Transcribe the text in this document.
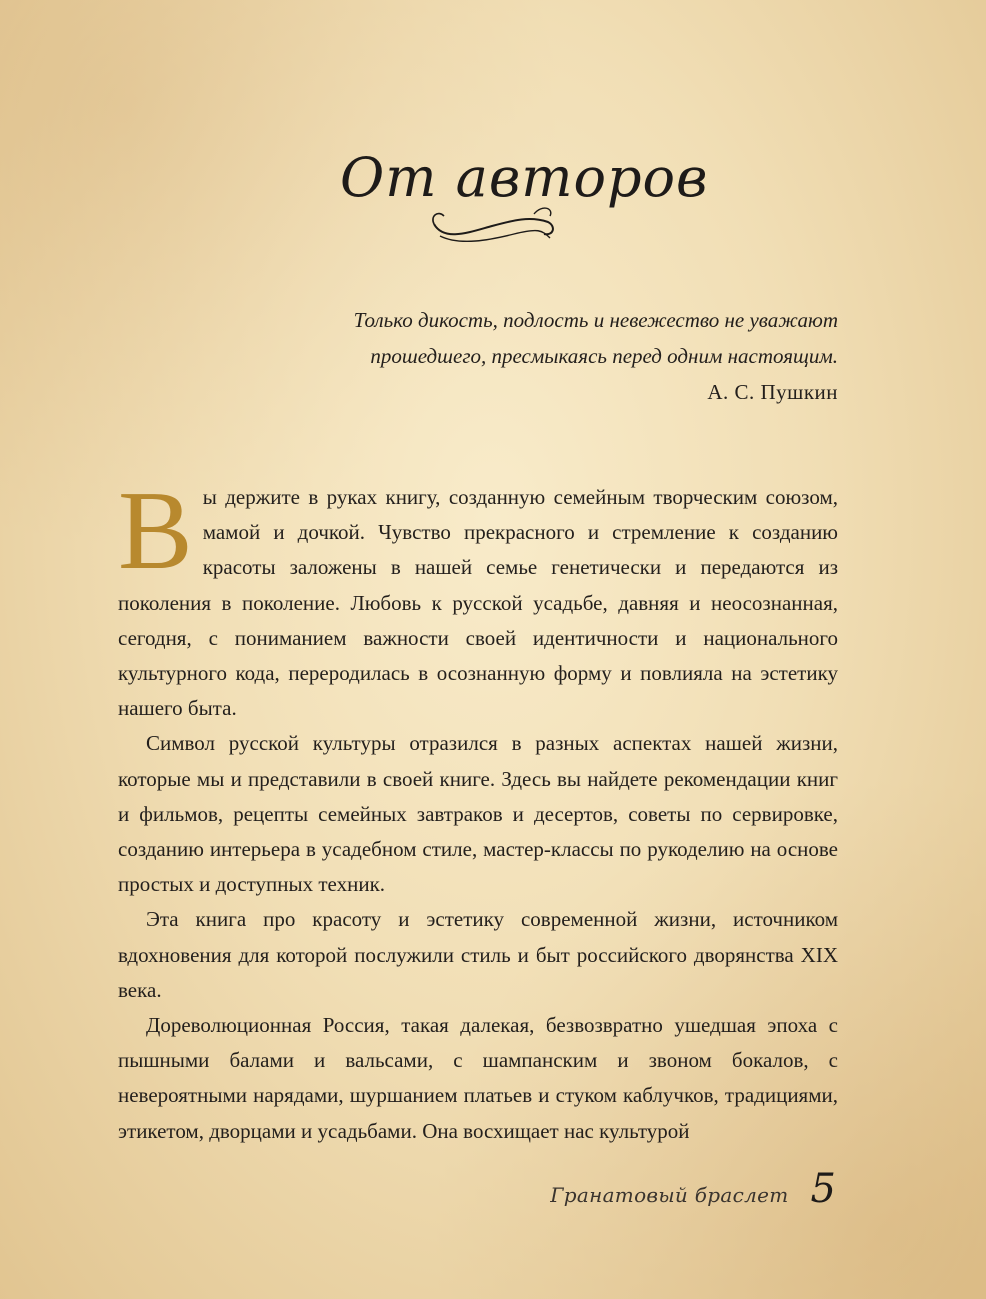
От авторов
Только дикость, подлость и невежество не уважают
прошедшего, пресмыкаясь перед одним настоящим.
А. С. Пушкин

Вы держите в руках книгу, созданную семейным творческим союзом, мамой и дочкой. Чувство прекрасного и стремление к созданию красоты заложены в нашей семье генетически и передаются из поколения в поколение. Любовь к русской усадьбе, давняя и неосознанная, сегодня, с пониманием важности своей идентичности и национального культурного кода, переродилась в осознанную форму и повлияла на эстетику нашего быта.

Символ русской культуры отразился в разных аспектах нашей жизни, которые мы и представили в своей книге. Здесь вы найдете рекомендации книг и фильмов, рецепты семейных завтраков и десертов, советы по сервировке, созданию интерьера в усадебном стиле, мастер-классы по рукоделию на основе простых и доступных техник.

Эта книга про красоту и эстетику современной жизни, источником вдохновения для которой послужили стиль и быт российского дворянства XIX века.

Дореволюционная Россия, такая далекая, безвозвратно ушедшая эпоха с пышными балами и вальсами, с шампанским и звоном бокалов, с невероятными нарядами, шуршанием платьев и стуком каблучков, традициями, этикетом, дворцами и усадьбами. Она восхищает нас культурой

Гранатовый браслет 5
